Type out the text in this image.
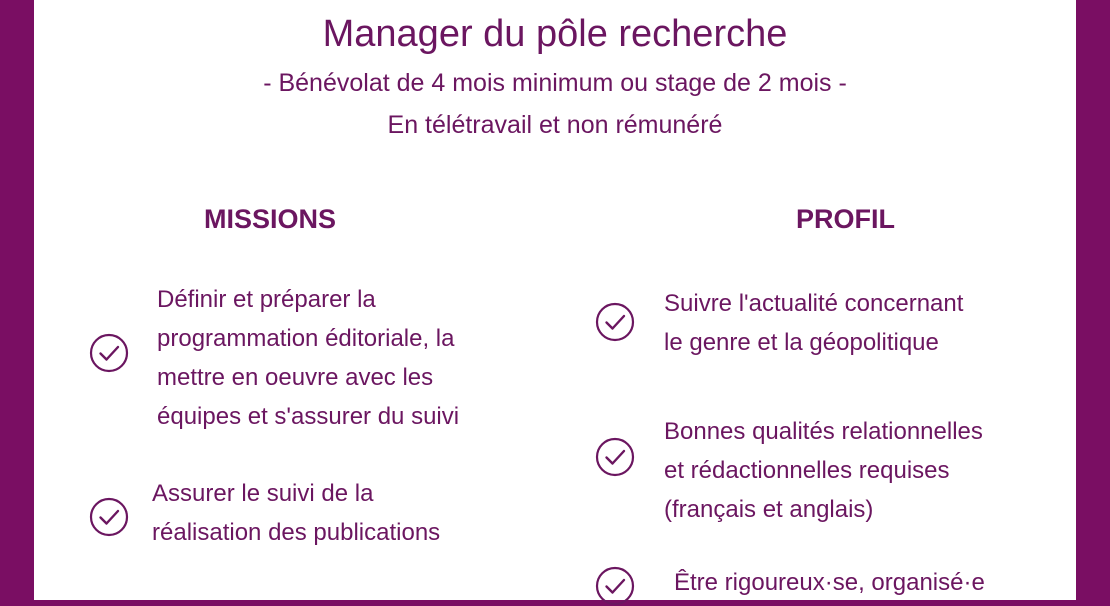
Manager du pôle recherche
- Bénévolat de 4 mois minimum ou stage de 2 mois -
En télétravail et non rémunéré
MISSIONS	PROFIL
Définir et préparer la
programmation éditoriale, la
mettre en oeuvre avec les
équipes et s'assurer du suivi
Assurer le suivi de la
réalisation des publications
Suivre l'actualité concernant
le genre et la géopolitique
Bonnes qualités relationnelles
et rédactionnelles requises
(français et anglais)
Être rigoureux·se, organisé·e
